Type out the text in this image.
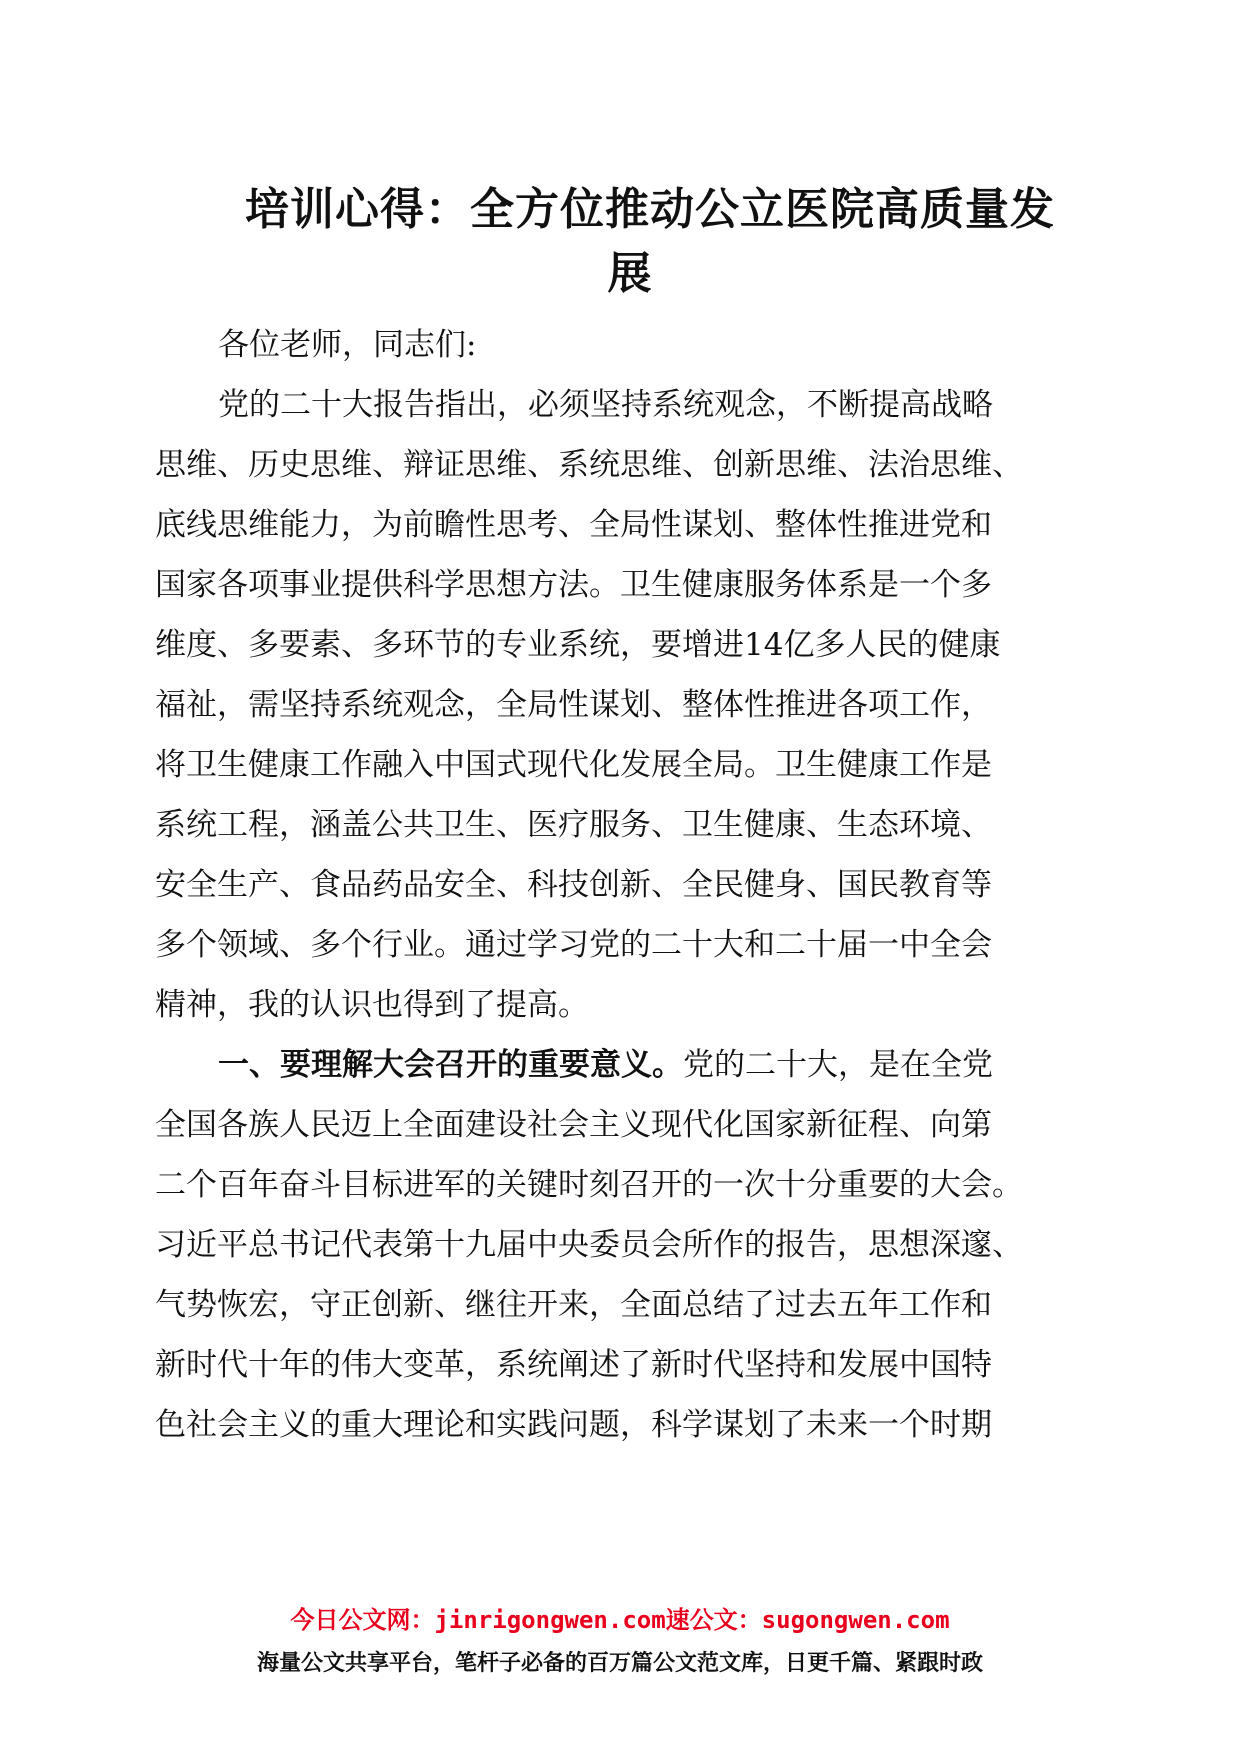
培训心得：全方位推动公立医院高质量发
展
各位老师，同志们:
党的二十大报告指出，必须坚持系统观念，不断提高战略
思维、历史思维、辩证思维、系统思维、创新思维、法治思维、
底线思维能力，为前瞻性思考、全局性谋划、整体性推进党和
国家各项事业提供科学思想方法。卫生健康服务体系是一个多
维度、多要素、多环节的专业系统，要增进14亿多人民的健康
福祉，需坚持系统观念，全局性谋划、整体性推进各项工作，
将卫生健康工作融入中国式现代化发展全局。卫生健康工作是
系统工程，涵盖公共卫生、医疗服务、卫生健康、生态环境、
安全生产、食品药品安全、科技创新、全民健身、国民教育等
多个领域、多个行业。通过学习党的二十大和二十届一中全会
精神，我的认识也得到了提高。
一、要理解大会召开的重要意义。党的二十大，是在全党
全国各族人民迈上全面建设社会主义现代化国家新征程、向第
二个百年奋斗目标进军的关键时刻召开的一次十分重要的大会。
习近平总书记代表第十九届中央委员会所作的报告，思想深邃、
气势恢宏，守正创新、继往开来，全面总结了过去五年工作和
新时代十年的伟大变革，系统阐述了新时代坚持和发展中国特
色社会主义的重大理论和实践问题，科学谋划了未来一个时期
今日公文网：jinrigongwen.com速公文：sugongwen.com
海量公文共享平台，笔杆子必备的百万篇公文范文库，日更千篇、紧跟时政
